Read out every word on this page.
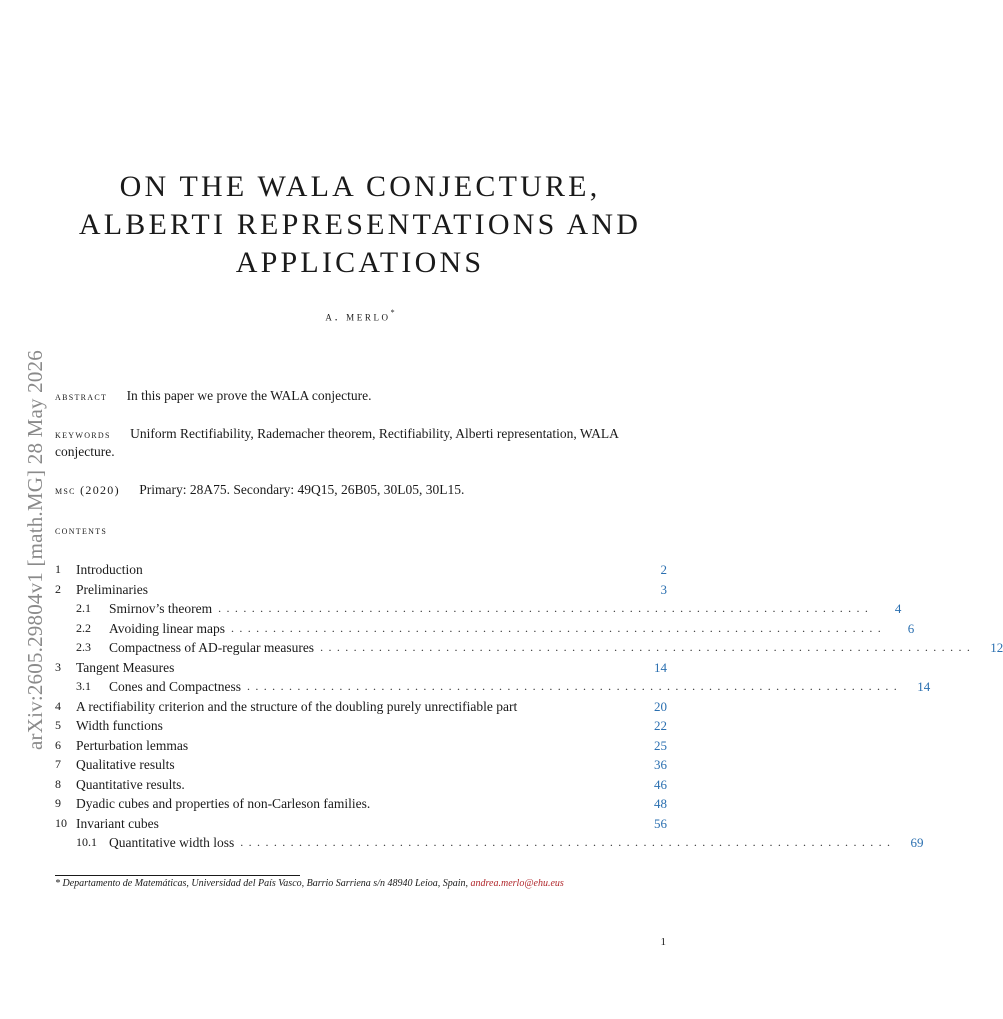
arXiv:2605.29804v1 [math.MG] 28 May 2026
ON THE WALA CONJECTURE,
ALBERTI REPRESENTATIONS AND
APPLICATIONS
a. merlo*
abstract In this paper we prove the WALA conjecture.
keywords Uniform Rectifiability, Rademacher theorem, Rectifiability, Alberti representation, WALA conjecture.
msc (2020) Primary: 28A75. Secondary: 49Q15, 26B05, 30L05, 30L15.
contents
1	Introduction	2
2	Preliminaries	3
2.1	Smirnov’s theorem ..............................................................................	4
2.2	Avoiding linear maps ..............................................................................	6
2.3	Compactness of AD-regular measures ..............................................................................	12
3	Tangent Measures	14
3.1	Cones and Compactness ..............................................................................	14
4	A rectifiability criterion and the structure of the doubling purely unrectifiable part	20
5	Width functions	22
6	Perturbation lemmas	25
7	Qualitative results	36
8	Quantitative results.	46
9	Dyadic cubes and properties of non-Carleson families.	48
10 Invariant cubes	56
10.1 Quantitative width loss ..............................................................................	69
* Departamento de Matemáticas, Universidad del País Vasco, Barrio Sarriena s/n 48940 Leioa, Spain, andrea.merlo@ehu.eus
1
